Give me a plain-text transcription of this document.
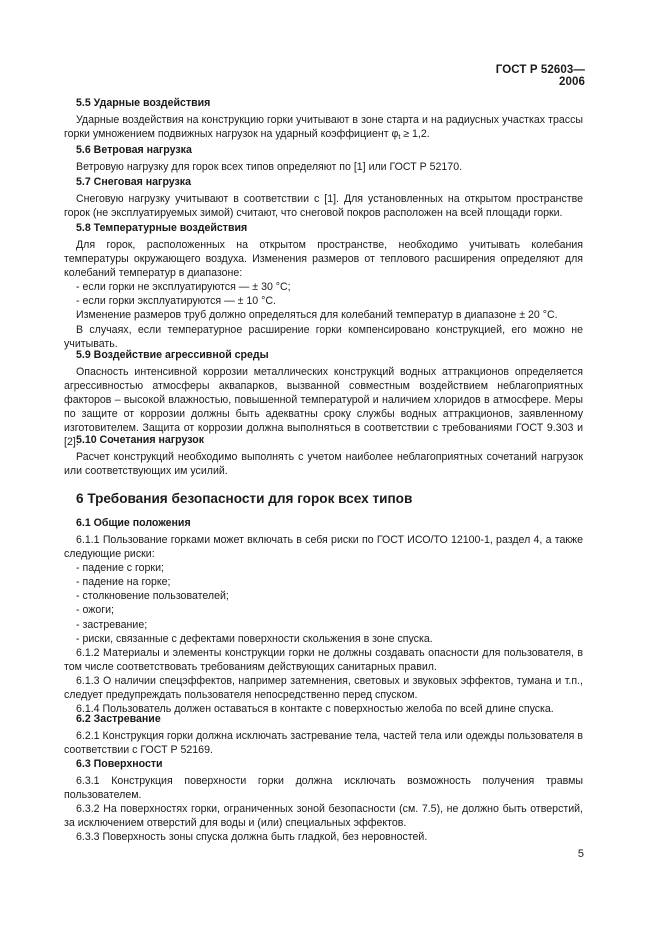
ГОСТ Р 52603—2006
5.5 Ударные воздействия
Ударные воздействия на конструкцию горки учитывают в зоне старта и на радиусных участках трассы горки умножением подвижных нагрузок на ударный коэффициент $\varphi_t \ge 1,2$.
5.6 Ветровая нагрузка
Ветровую нагрузку для горок всех типов определяют по [1] или ГОСТ Р 52170.
5.7 Снеговая нагрузка
Снеговую нагрузку учитывают в соответствии с [1]. Для установленных на открытом пространстве горок (не эксплуатируемых зимой) считают, что снеговой покров расположен на всей площади горки.
5.8 Температурные воздействия
Для горок, расположенных на открытом пространстве, необходимо учитывать колебания температуры окружающего воздуха. Изменения размеров от теплового расширения определяют для колебаний температур в диапазоне:
- если горки не эксплуатируются — ± 30 °С;
- если горки эксплуатируются — ± 10 °С.
Изменение размеров труб должно определяться для колебаний температур в диапазоне ± 20 °С.
В случаях, если температурное расширение горки компенсировано конструкцией, его можно не учитывать.
5.9 Воздействие агрессивной среды
Опасность интенсивной коррозии металлических конструкций водных аттракционов определяется агрессивностью атмосферы аквапарков, вызванной совместным воздействием неблагоприятных факторов – высокой влажностью, повышенной температурой и наличием хлоридов в атмосфере. Меры по защите от коррозии должны быть адекватны сроку службы водных аттракционов, заявленному изготовителем. Защита от коррозии должна выполняться в соответствии с требованиями ГОСТ 9.303 и [2].
5.10 Сочетания нагрузок
Расчет конструкций необходимо выполнять с учетом наиболее неблагоприятных сочетаний нагрузок или соответствующих им усилий.
6 Требования безопасности для горок всех типов
6.1 Общие положения
6.1.1 Пользование горками может включать в себя риски по ГОСТ ИСО/ТО 12100-1, раздел 4, а также следующие риски:
- падение с горки;
- падение на горке;
- столкновение пользователей;
- ожоги;
- застревание;
- риски, связанные с дефектами поверхности скольжения в зоне спуска.
6.1.2 Материалы и элементы конструкции горки не должны создавать опасности для пользователя, в том числе соответствовать требованиям действующих санитарных правил.
6.1.3 О наличии спецэффектов, например затемнения, световых и звуковых эффектов, тумана и т.п., следует предупреждать пользователя непосредственно перед спуском.
6.1.4 Пользователь должен оставаться в контакте с поверхностью желоба по всей длине спуска.
6.2 Застревание
6.2.1 Конструкция горки должна исключать застревание тела, частей тела или одежды пользователя в соответствии с ГОСТ Р 52169.
6.3 Поверхности
6.3.1 Конструкция поверхности горки должна исключать возможность получения травмы пользователем.
6.3.2 На поверхностях горки, ограниченных зоной безопасности (см. 7.5), не должно быть отверстий, за исключением отверстий для воды и (или) специальных эффектов.
6.3.3 Поверхность зоны спуска должна быть гладкой, без неровностей.
5
